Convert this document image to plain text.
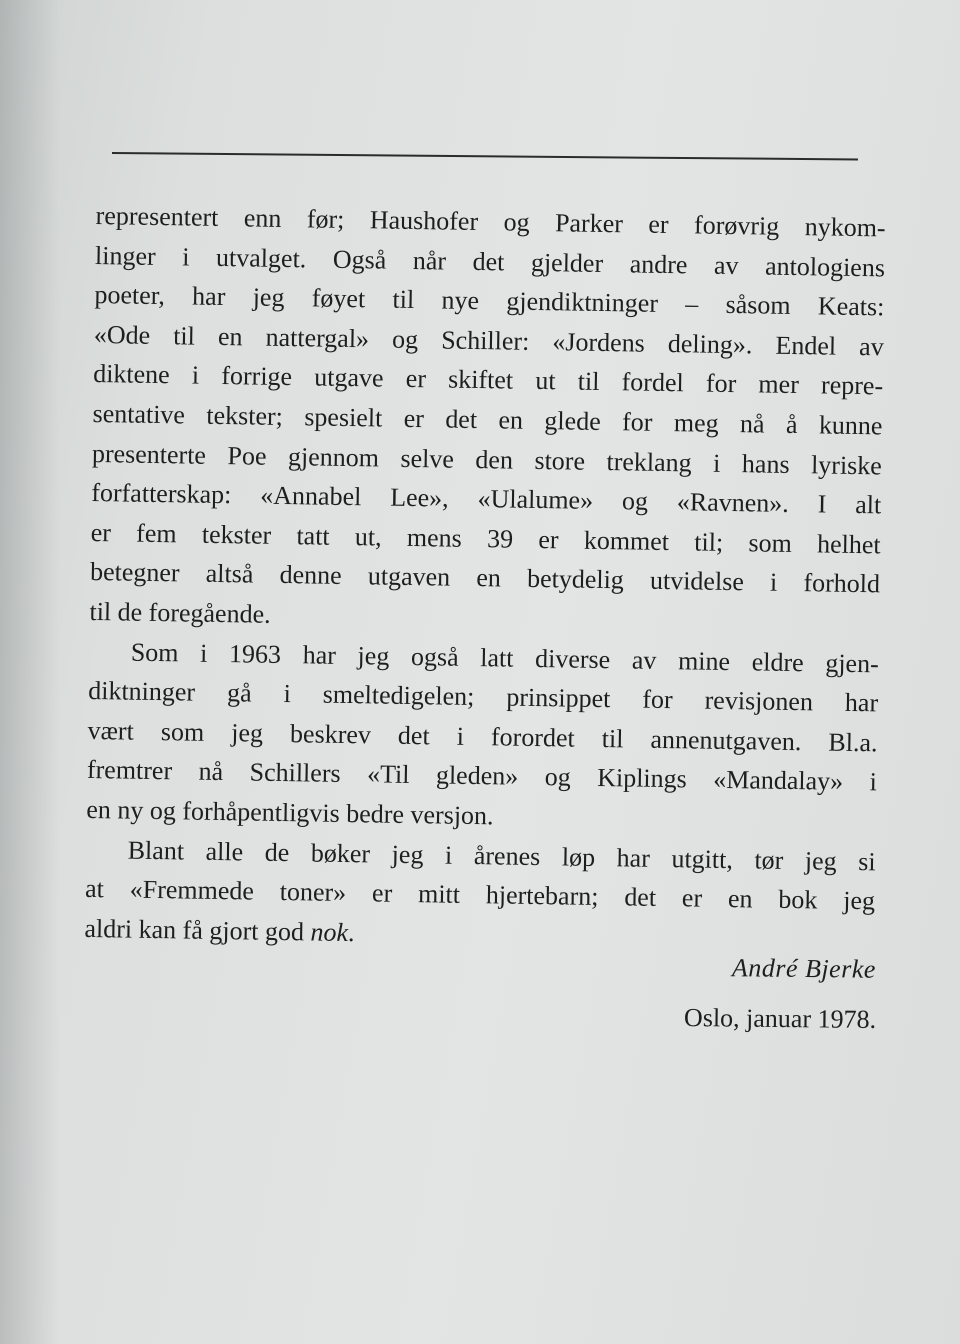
representert enn før; Haushofer og Parker er forøvrig nykom-
linger i utvalget. Også når det gjelder andre av antologiens
poeter, har jeg føyet til nye gjendiktninger – såsom Keats:
«Ode til en nattergal» og Schiller: «Jordens deling». Endel av
diktene i forrige utgave er skiftet ut til fordel for mer repre-
sentative tekster; spesielt er det en glede for meg nå å kunne
presenterte Poe gjennom selve den store treklang i hans lyriske
forfatterskap: «Annabel Lee», «Ulalume» og «Ravnen». I alt
er fem tekster tatt ut, mens 39 er kommet til; som helhet
betegner altså denne utgaven en betydelig utvidelse i forhold
til de foregående.

Som i 1963 har jeg også latt diverse av mine eldre gjen-
diktninger gå i smeltedigelen; prinsippet for revisjonen har
vært som jeg beskrev det i forordet til annenutgaven. Bl.a.
fremtrer nå Schillers «Til gleden» og Kiplings «Mandalay» i
en ny og forhåpentligvis bedre versjon.

Blant alle de bøker jeg i årenes løp har utgitt, tør jeg si
at «Fremmede toner» er mitt hjertebarn; det er en bok jeg
aldri kan få gjort god nok.

André Bjerke
Oslo, januar 1978.
